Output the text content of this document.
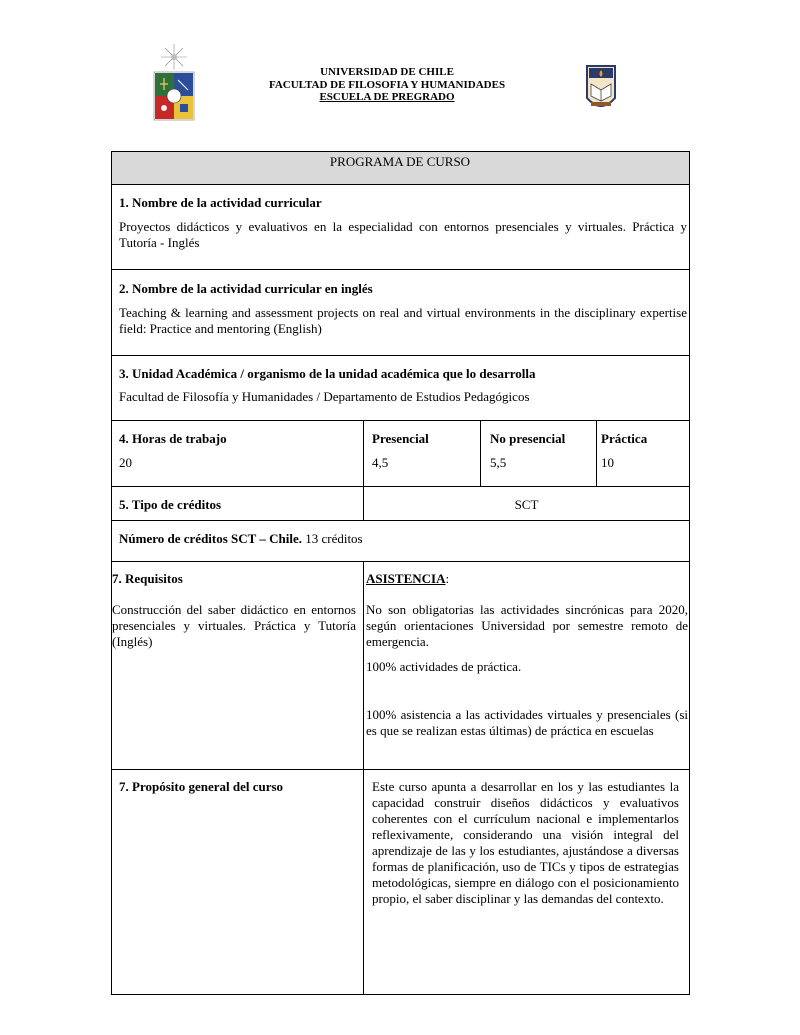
UNIVERSIDAD DE CHILE
FACULTAD DE FILOSOFIA Y HUMANIDADES
ESCUELA DE PREGRADO
PROGRAMA DE CURSO
1. Nombre de la actividad curricular
Proyectos didácticos y evaluativos en la especialidad con entornos presenciales y virtuales. Práctica y Tutoría - Inglés
2. Nombre de la actividad curricular en inglés
Teaching & learning and assessment projects on real and virtual environments in the disciplinary expertise field: Practice and mentoring (English)
3. Unidad Académica / organismo de la unidad académica que lo desarrolla
Facultad de Filosofía y Humanidades / Departamento de Estudios Pedagógicos
4. Horas de trabajo
20
Presencial
4,5
No presencial
5,5
Práctica
10
5. Tipo de créditos	SCT
Número de créditos SCT – Chile. 13 créditos
7. Requisitos
Construcción del saber didáctico en entornos presenciales y virtuales. Práctica y Tutoría (Inglés)
ASISTENCIA:
No son obligatorias las actividades sincrónicas para 2020, según orientaciones Universidad por semestre remoto de emergencia.
100% actividades de práctica.
100% asistencia a las actividades virtuales y presenciales (si es que se realizan estas últimas) de práctica en escuelas
7. Propósito general del curso	Este curso apunta a desarrollar en los y las estudiantes la capacidad construir diseños didácticos y evaluativos coherentes con el currículum nacional e implementarlos reflexivamente, considerando una visión integral del aprendizaje de las y los estudiantes, ajustándose a diversas formas de planificación, uso de TICs y tipos de estrategias metodológicas, siempre en diálogo con el posicionamiento propio, el saber disciplinar y las demandas del contexto.
